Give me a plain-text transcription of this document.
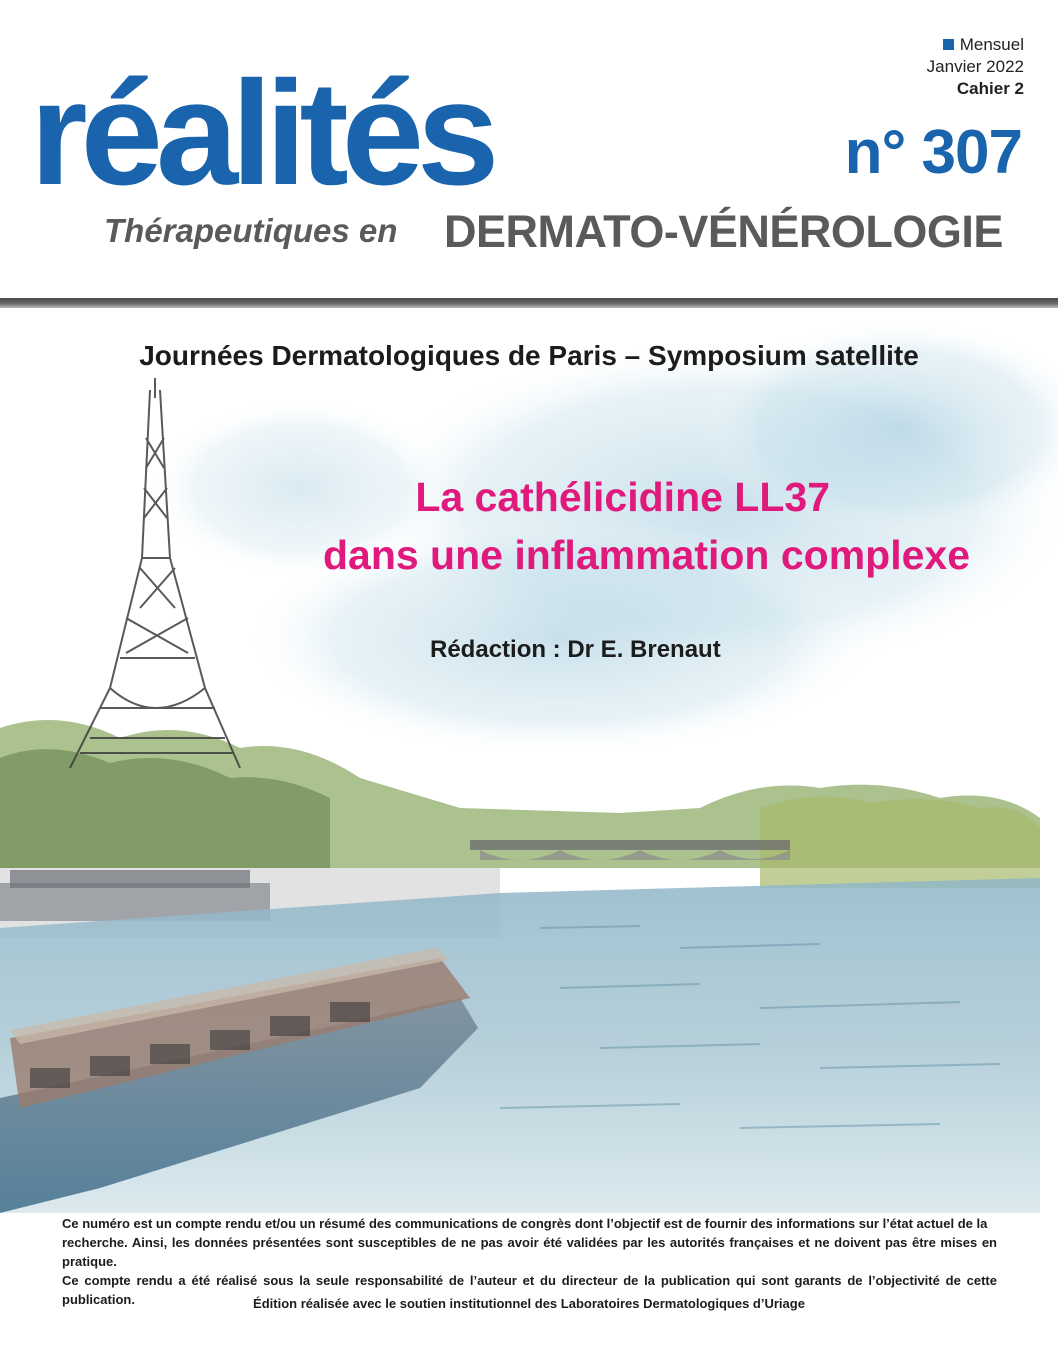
réalités
Mensuel
Janvier 2022
Cahier 2
n° 307
Thérapeutiques en DERMATO-VÉNÉROLOGIE
Journées Dermatologiques de Paris – Symposium satellite
La cathélicidine LL37
dans une inflammation complexe
Rédaction : Dr E. Brenaut
Ce numéro est un compte rendu et/ou un résumé des communications de congrès dont l’objectif est de fournir des informations sur l’état actuel de la
recherche. Ainsi, les données présentées sont susceptibles de ne pas avoir été validées par les autorités françaises et ne doivent pas être mises en pratique.
Ce compte rendu a été réalisé sous la seule responsabilité de l’auteur et du directeur de la publication qui sont garants de l’objectivité de cette publication.	Édition réalisée avec le soutien institutionnel des Laboratoires Dermatologiques d’Uriage
